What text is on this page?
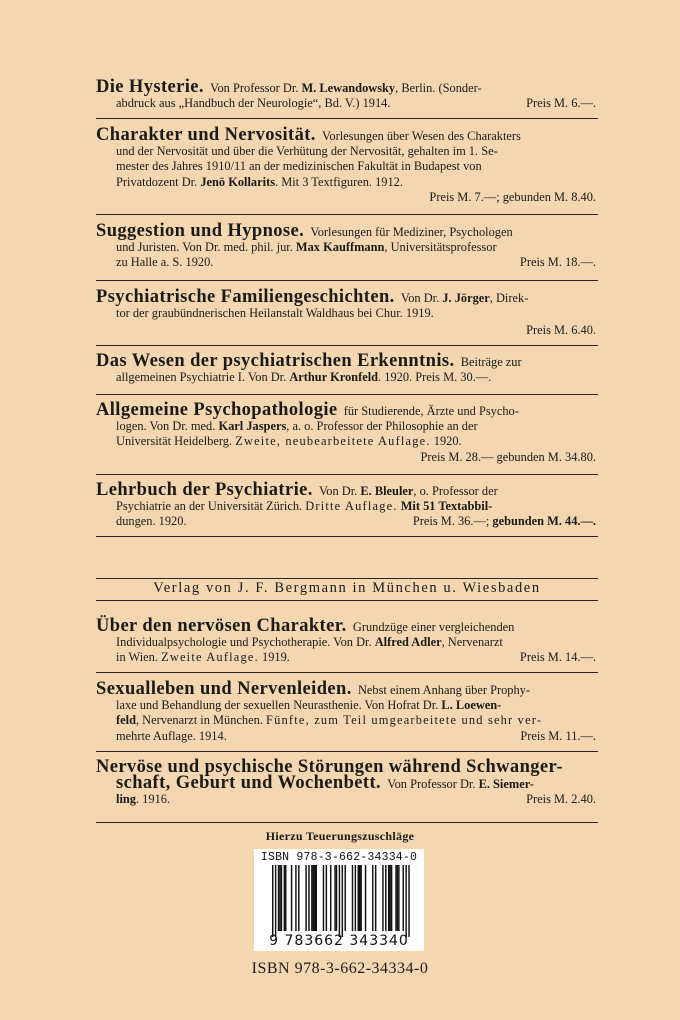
Die Hysterie. Von Professor Dr. M. Lewandowsky, Berlin. (Sonder-
abdruck aus „Handbuch der Neurologie“, Bd. V.) 1914.	Preis M. 6.—.
Charakter und Nervosität. Vorlesungen über Wesen des Charakters
und der Nervosität und über die Verhütung der Nervosität, gehalten im 1. Se-
mester des Jahres 1910/11 an der medizinischen Fakultät in Budapest von
Privatdozent Dr. Jenö Kollarits. Mit 3 Textfiguren. 1912.
Preis M. 7.—; gebunden M. 8.40.
Suggestion und Hypnose. Vorlesungen für Mediziner, Psychologen
und Juristen. Von Dr. med. phil. jur. Max Kauffmann, Universitätsprofessor
zu Halle a. S. 1920.	Preis M. 18.—.
Psychiatrische Familiengeschichten. Von Dr. J. Jörger, Direk-
tor der graubündnerischen Heilanstalt Waldhaus bei Chur. 1919.
Preis M. 6.40.
Das Wesen der psychiatrischen Erkenntnis. Beiträge zur
allgemeinen Psychiatrie I. Von Dr. Arthur Kronfeld. 1920. Preis M. 30.—.
Allgemeine Psychopathologie für Studierende, Ärzte und Psycho-
logen. Von Dr. med. Karl Jaspers, a. o. Professor der Philosophie an der
Universität Heidelberg. Zweite, neubearbeitete Auflage. 1920.
Preis M. 28.— gebunden M. 34.80.
Lehrbuch der Psychiatrie. Von Dr. E. Bleuler, o. Professor der
Psychiatrie an der Universität Zürich. Dritte Auflage. Mit 51 Textabbil-
dungen. 1920.	Preis M. 36.—; gebunden M. 44.—.
Verlag von J. F. Bergmann in München u. Wiesbaden
Über den nervösen Charakter. Grundzüge einer vergleichenden
Individualpsychologie und Psychotherapie. Von Dr. Alfred Adler, Nervenarzt
in Wien. Zweite Auflage. 1919.	Preis M. 14.—.
Sexualleben und Nervenleiden. Nebst einem Anhang über Prophy-
laxe und Behandlung der sexuellen Neurasthenie. Von Hofrat Dr. L. Loewen-
feld, Nervenarzt in München. Fünfte, zum Teil umgearbeitete und sehr ver-
mehrte Auflage. 1914.	Preis M. 11.—.
Nervöse und psychische Störungen während Schwanger-
schaft, Geburt und Wochenbett. Von Professor Dr. E. Siemer-
ling. 1916.	Preis M. 2.40.
Hierzu Teuerungszuschläge
ISBN 978-3-662-34334-0
9 783662 343340
ISBN 978-3-662-34334-0
